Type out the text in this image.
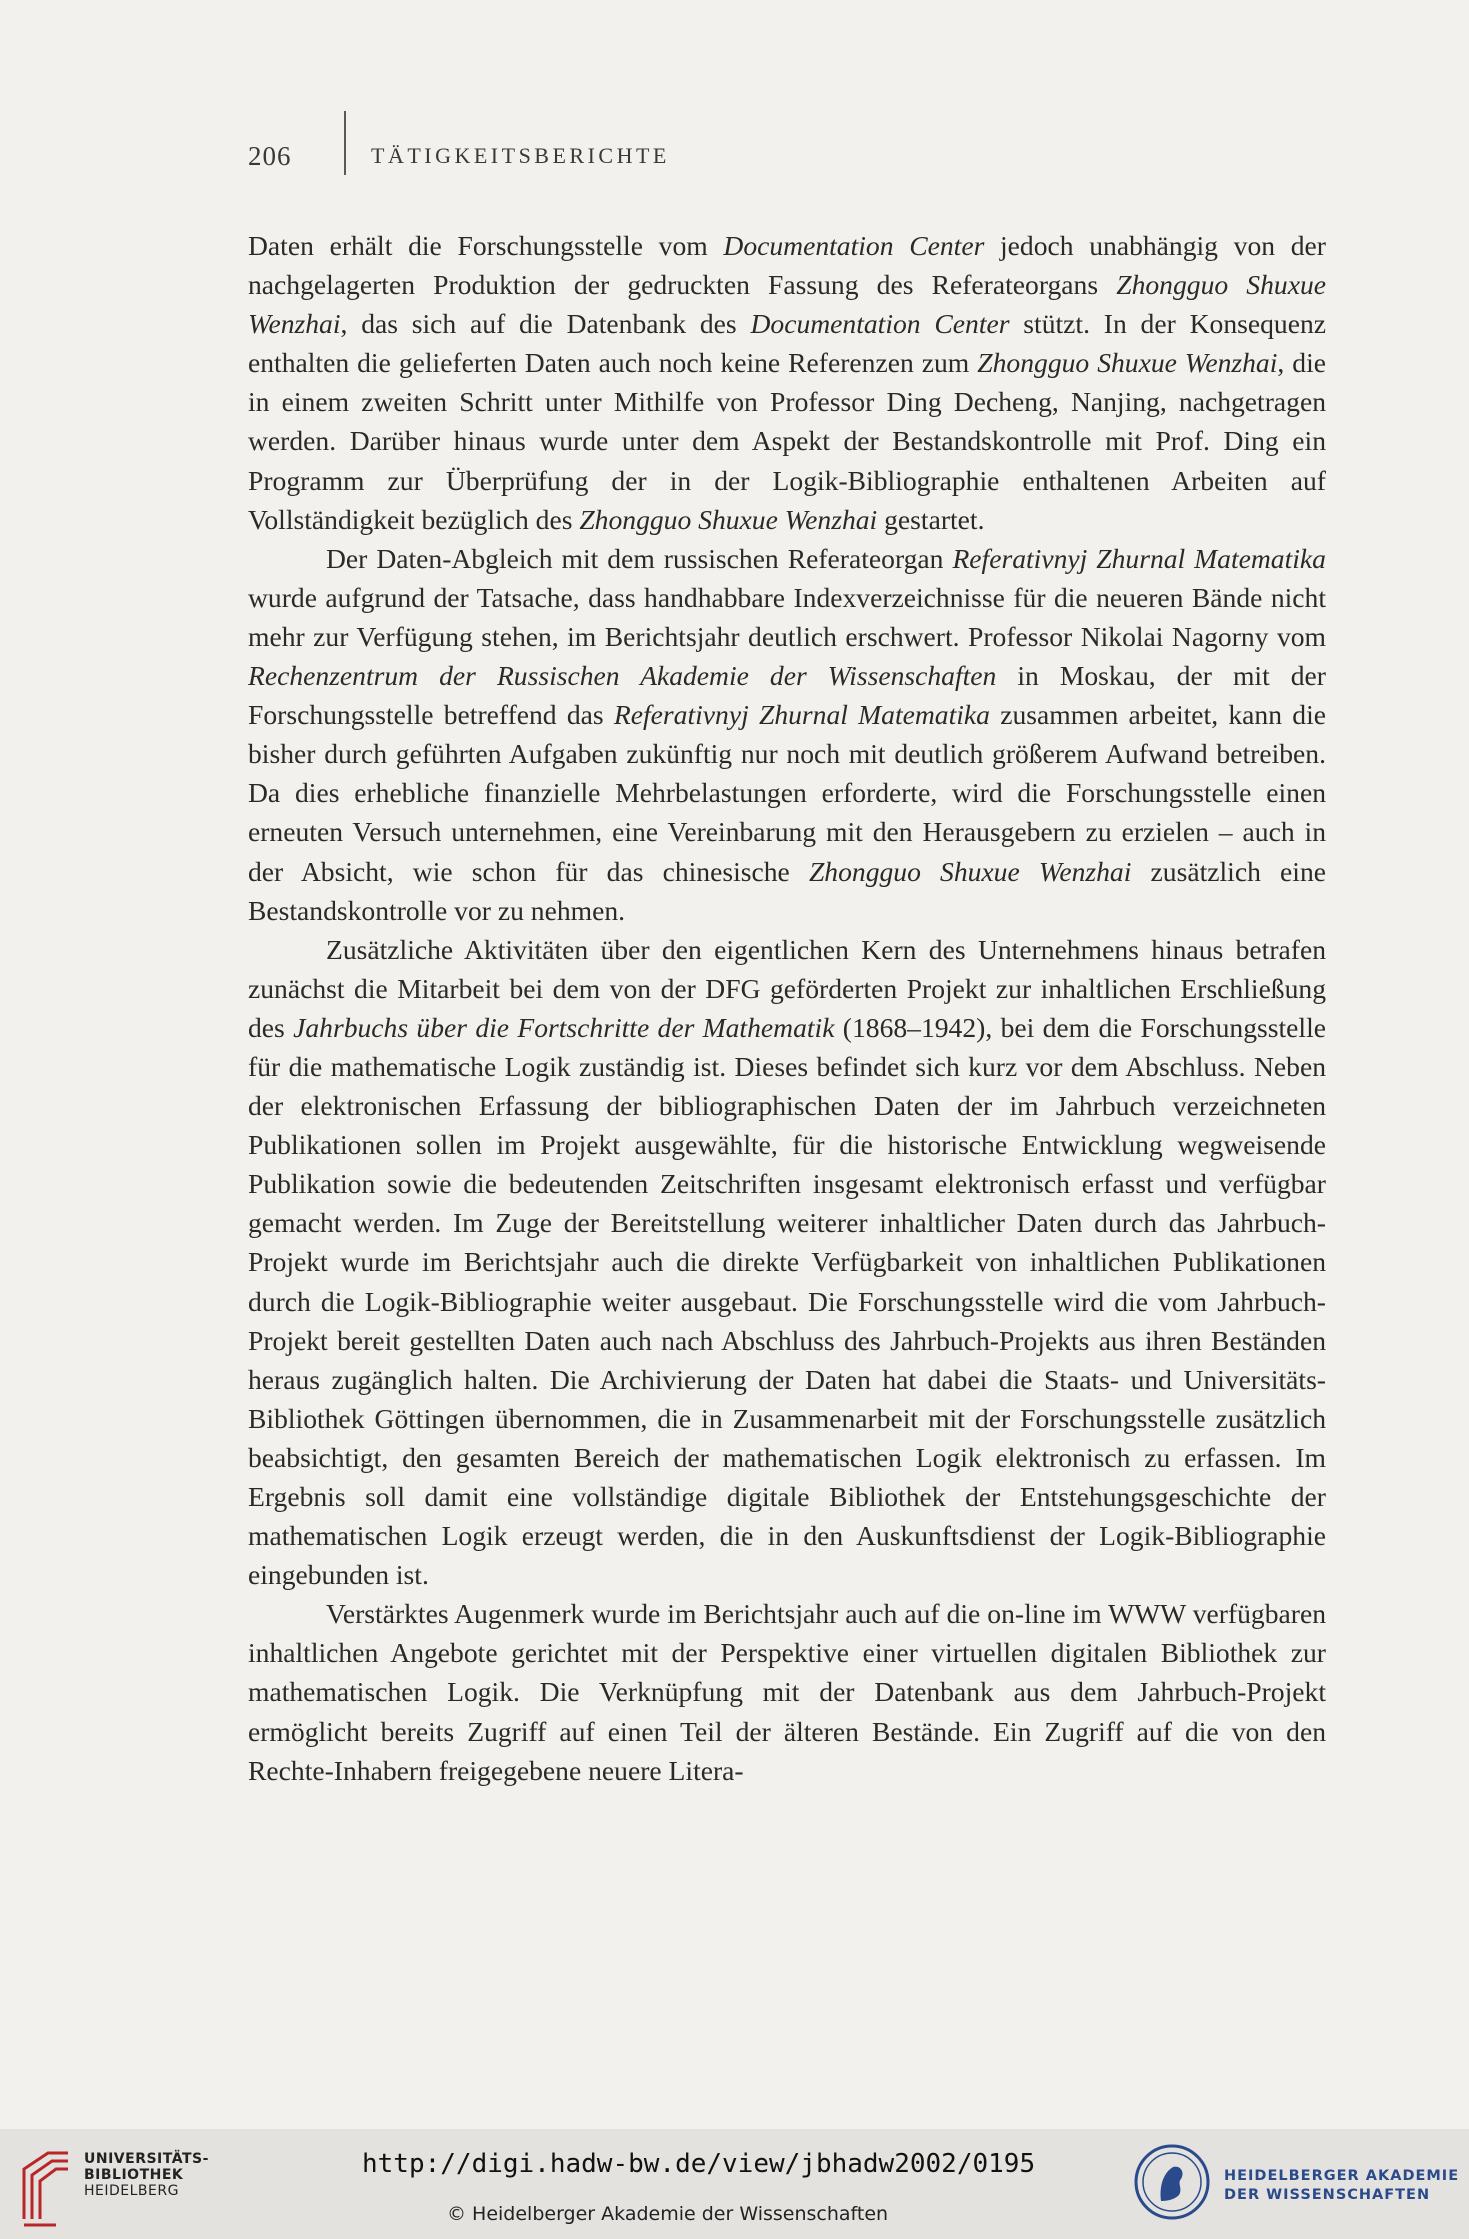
206	TÄTIGKEITSBERICHTE

Daten erhält die Forschungsstelle vom Documentation Center jedoch unabhängig von der nachgelagerten Produktion der gedruckten Fassung des Referateorgans Zhongguo Shuxue Wenzhai, das sich auf die Datenbank des Documentation Center stützt. In der Konsequenz enthalten die gelieferten Daten auch noch keine Referenzen zum Zhongguo Shuxue Wenzhai, die in einem zweiten Schritt unter Mithilfe von Professor Ding Decheng, Nanjing, nachgetragen werden. Darüber hinaus wurde unter dem Aspekt der Bestandskontrolle mit Prof. Ding ein Programm zur Überprüfung der in der Logik-Bibliographie enthaltenen Arbeiten auf Vollständigkeit bezüglich des Zhongguo Shuxue Wenzhai gestartet.

Der Daten-Abgleich mit dem russischen Referateorgan Referativnyj Zhurnal Matematika wurde aufgrund der Tatsache, dass handhabbare Indexverzeichnisse für die neueren Bände nicht mehr zur Verfügung stehen, im Berichtsjahr deutlich erschwert. Professor Nikolai Nagorny vom Rechenzentrum der Russischen Akademie der Wissenschaften in Moskau, der mit der Forschungsstelle betreffend das Referativnyj Zhurnal Matematika zusammen arbeitet, kann die bisher durch geführten Aufgaben zukünftig nur noch mit deutlich größerem Aufwand betreiben. Da dies erhebliche finanzielle Mehrbelastungen erforderte, wird die Forschungsstelle einen erneuten Versuch unternehmen, eine Vereinbarung mit den Herausgebern zu erzielen – auch in der Absicht, wie schon für das chinesische Zhongguo Shuxue Wenzhai zusätzlich eine Bestandskontrolle vor zu nehmen.

Zusätzliche Aktivitäten über den eigentlichen Kern des Unternehmens hinaus betrafen zunächst die Mitarbeit bei dem von der DFG geförderten Projekt zur inhaltlichen Erschließung des Jahrbuchs über die Fortschritte der Mathematik (1868–1942), bei dem die Forschungsstelle für die mathematische Logik zuständig ist. Dieses befindet sich kurz vor dem Abschluss. Neben der elektronischen Erfassung der bibliographischen Daten der im Jahrbuch verzeichneten Publikationen sollen im Projekt ausgewählte, für die historische Entwicklung wegweisende Publikation sowie die bedeutenden Zeitschriften insgesamt elektronisch erfasst und verfügbar gemacht werden. Im Zuge der Bereitstellung weiterer inhaltlicher Daten durch das Jahrbuch-Projekt wurde im Berichtsjahr auch die direkte Verfügbarkeit von inhaltlichen Publikationen durch die Logik-Bibliographie weiter ausgebaut. Die Forschungsstelle wird die vom Jahrbuch-Projekt bereit gestellten Daten auch nach Abschluss des Jahrbuch-Projekts aus ihren Beständen heraus zugänglich halten. Die Archivierung der Daten hat dabei die Staats- und Universitäts-Bibliothek Göttingen übernommen, die in Zusammenarbeit mit der Forschungsstelle zusätzlich beabsichtigt, den gesamten Bereich der mathematischen Logik elektronisch zu erfassen. Im Ergebnis soll damit eine vollständige digitale Bibliothek der Entstehungsgeschichte der mathematischen Logik erzeugt werden, die in den Auskunftsdienst der Logik-Bibliographie eingebunden ist.

Verstärktes Augenmerk wurde im Berichtsjahr auch auf die on-line im WWW verfügbaren inhaltlichen Angebote gerichtet mit der Perspektive einer virtuellen digitalen Bibliothek zur mathematischen Logik. Die Verknüpfung mit der Datenbank aus dem Jahrbuch-Projekt ermöglicht bereits Zugriff auf einen Teil der älteren Bestände. Ein Zugriff auf die von den Rechte-Inhabern freigegebene neuere Litera-

UNIVERSITÄTS-
BIBLIOTHEK
HEIDELBERG
http://digi.hadw-bw.de/view/jbhadw2002/0195
© Heidelberger Akademie der Wissenschaften
HEIDELBERGER AKADEMIE
DER WISSENSCHAFTEN
